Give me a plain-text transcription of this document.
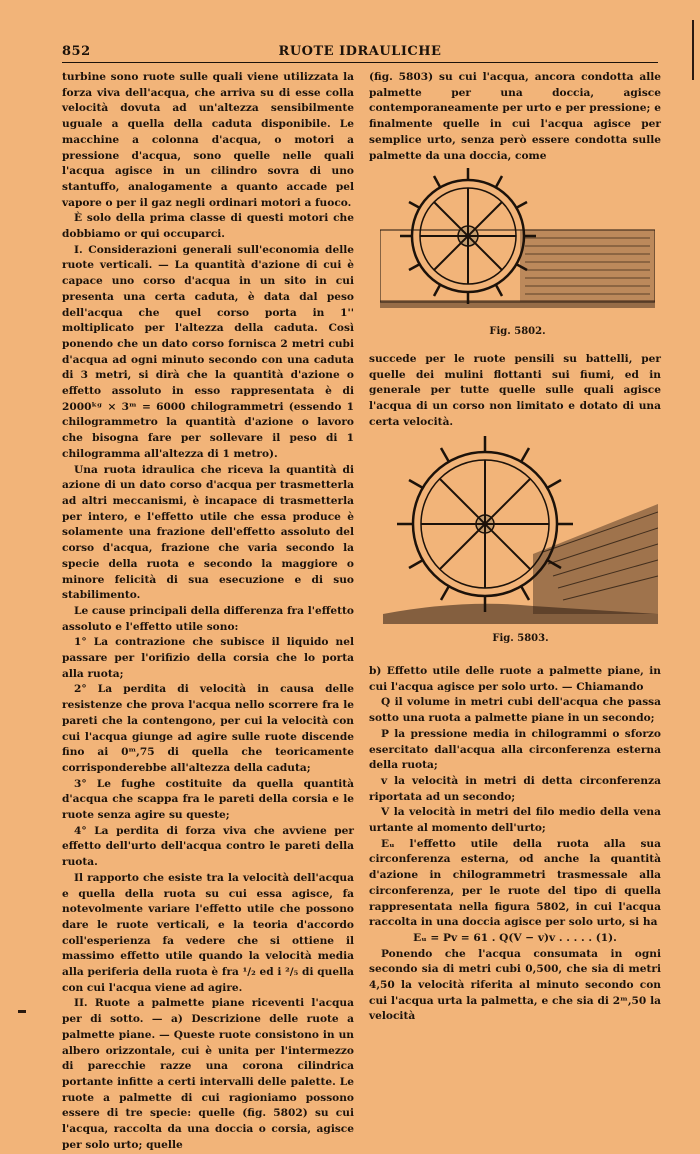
852	RUOTE IDRAULICHE

turbine sono ruote sulle quali viene utilizzata la forza viva dell'acqua, che arriva su di esse colla velocità dovuta ad un'altezza sensibilmente uguale a quella della caduta disponibile. Le macchine a colonna d'acqua, o motori a pressione d'acqua, sono quelle nelle quali l'acqua agisce in un cilindro sovra di uno stantuffo, analogamente a quanto accade pel vapore o per il gaz negli ordinari motori a fuoco.

È solo della prima classe di questi motori che dobbiamo or qui occuparci.

I. Considerazioni generali sull'economia delle ruote verticali. — La quantità d'azione di cui è capace uno corso d'acqua in un sito in cui presenta una certa caduta, è data dal peso dell'acqua che quel corso porta in 1'' moltiplicato per l'altezza della caduta. Così ponendo che un dato corso fornisca 2 metri cubi d'acqua ad ogni minuto secondo con una caduta di 3 metri, si dirà che la quantità d'azione o effetto assoluto in esso rappresentata è di 2000ᵏᵍ × 3ᵐ = 6000 chilogrammetri (essendo 1 chilogrammetro la quantità d'azione o lavoro che bisogna fare per sollevare il peso di 1 chilogramma all'altezza di 1 metro).

Una ruota idraulica che riceva la quantità di azione di un dato corso d'acqua per trasmetterla ad altri meccanismi, è incapace di trasmetterla per intero, e l'effetto utile che essa produce è solamente una frazione dell'effetto assoluto del corso d'acqua, frazione che varia secondo la specie della ruota e secondo la maggiore o minore felicità di sua esecuzione e di suo stabilimento.

Le cause principali della differenza fra l'effetto assoluto e l'effetto utile sono:

1° La contrazione che subisce il liquido nel passare per l'orifizio della corsia che lo porta alla ruota;

2° La perdita di velocità in causa delle resistenze che prova l'acqua nello scorrere fra le pareti che la contengono, per cui la velocità con cui l'acqua giunge ad agire sulle ruote discende fino ai 0ᵐ,75 di quella che teoricamente corrisponderebbe all'altezza della caduta;

3° Le fughe costituite da quella quantità d'acqua che scappa fra le pareti della corsia e le ruote senza agire su queste;

4° La perdita di forza viva che avviene per effetto dell'urto dell'acqua contro le pareti della ruota.

Il rapporto che esiste tra la velocità dell'acqua e quella della ruota su cui essa agisce, fa notevolmente variare l'effetto utile che possono dare le ruote verticali, e la teoria d'accordo coll'esperienza fa vedere che si ottiene il massimo effetto utile quando la velocità media alla periferia della ruota è fra ¹/₂ ed i ²/₅ di quella con cui l'acqua viene ad agire.

II. Ruote a palmette piane riceventi l'acqua per di sotto. — a) Descrizione delle ruote a palmette piane. — Queste ruote consistono in un albero orizzontale, cui è unita per l'intermezzo di parecchie razze una corona cilindrica portante infitte a certi intervalli delle palette. Le ruote a palmette di cui ragioniamo possono essere di tre specie: quelle (fig. 5802) su cui l'acqua, raccolta da una doccia o corsia, agisce per solo urto; quelle

(fig. 5803) su cui l'acqua, ancora condotta alle palmette per una doccia, agisce contemporaneamente per urto e per pressione; e finalmente quelle in cui l'acqua agisce per semplice urto, senza però essere condotta sulle palmette da una doccia, come

Fig. 5802.

succede per le ruote pensili su battelli, per quelle dei mulini flottanti sui fiumi, ed in generale per tutte quelle sulle quali agisce l'acqua di un corso non limitato e dotato di una certa velocità.

Fig. 5803.

b) Effetto utile delle ruote a palmette piane, in cui l'acqua agisce per solo urto. — Chiamando

Q il volume in metri cubi dell'acqua che passa sotto una ruota a palmette piane in un secondo;

P la pressione media in chilogrammi o sforzo esercitato dall'acqua alla circonferenza esterna della ruota;

v la velocità in metri di detta circonferenza riportata ad un secondo;

V la velocità in metri del filo medio della vena urtante al momento dell'urto;

Eᵤ l'effetto utile della ruota alla sua circonferenza esterna, od anche la quantità d'azione in chilogrammetri trasmessale alla circonferenza, per le ruote del tipo di quella rappresentata nella figura 5802, in cui l'acqua raccolta in una doccia agisce per solo urto, si ha

Eᵤ = Pv = 61 . Q(V − v)v . . . . . (1).

Ponendo che l'acqua consumata in ogni secondo sia di metri cubi 0,500, che sia di metri 4,50 la velocità riferita al minuto secondo con cui l'acqua urta la palmetta, e che sia di 2ᵐ,50 la velocità
